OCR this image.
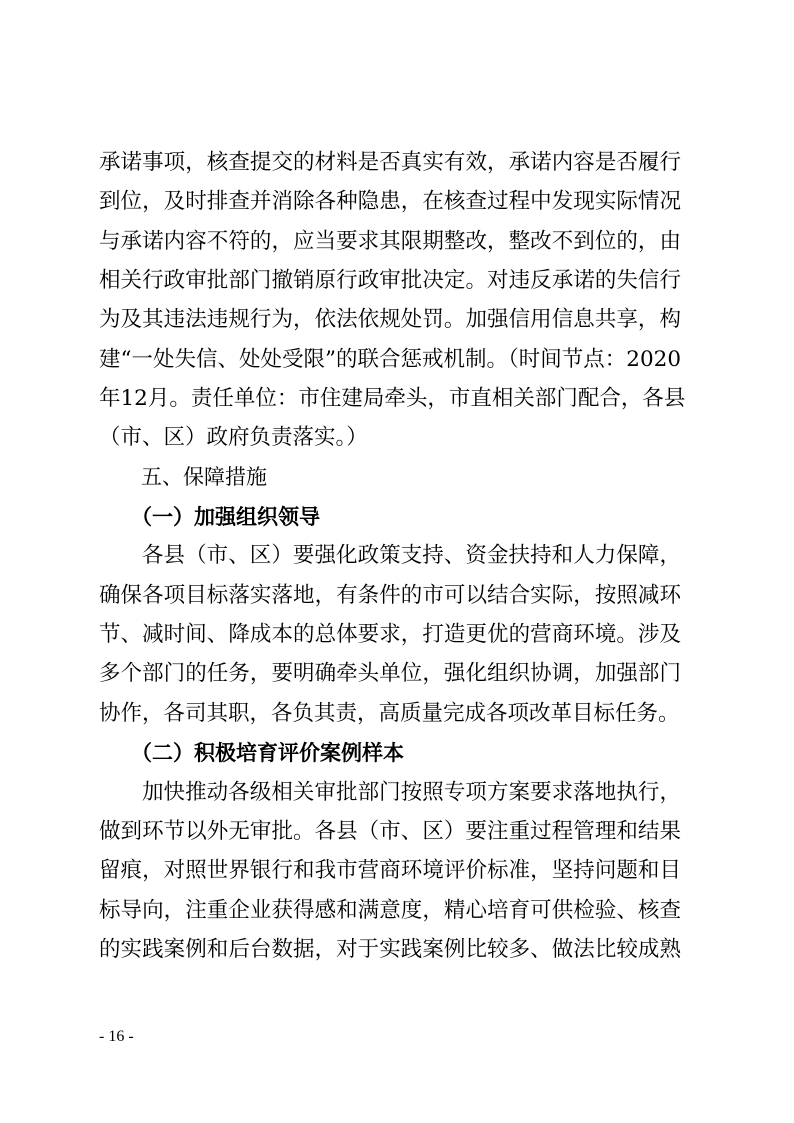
承诺事项，核查提交的材料是否真实有效，承诺内容是否履行
到位，及时排查并消除各种隐患，在核查过程中发现实际情况
与承诺内容不符的，应当要求其限期整改，整改不到位的，由
相关行政审批部门撤销原行政审批决定。对违反承诺的失信行
为及其违法违规行为，依法依规处罚。加强信用信息共享，构
建“一处失信、处处受限”的联合惩戒机制。（时间节点：2020
年12月。责任单位：市住建局牵头，市直相关部门配合，各县
（市、区）政府负责落实。）
五、保障措施
（一）加强组织领导
各县（市、区）要强化政策支持、资金扶持和人力保障，
确保各项目标落实落地，有条件的市可以结合实际，按照减环
节、减时间、降成本的总体要求，打造更优的营商环境。涉及
多个部门的任务，要明确牵头单位，强化组织协调，加强部门
协作，各司其职，各负其责，高质量完成各项改革目标任务。
（二）积极培育评价案例样本
加快推动各级相关审批部门按照专项方案要求落地执行，
做到环节以外无审批。各县（市、区）要注重过程管理和结果
留痕，对照世界银行和我市营商环境评价标准，坚持问题和目
标导向，注重企业获得感和满意度，精心培育可供检验、核查
的实践案例和后台数据，对于实践案例比较多、做法比较成熟
- 16 -
